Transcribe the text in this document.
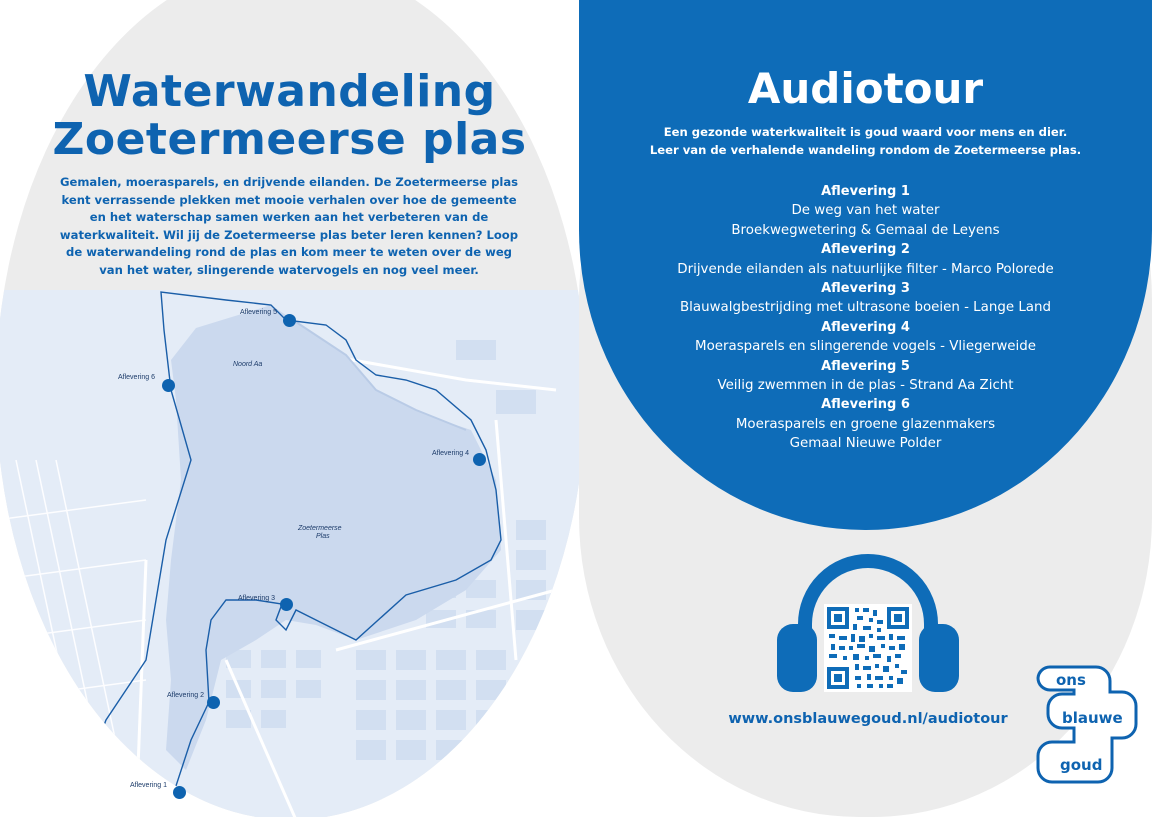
Noord Aa
Zoetermeerse
Plas
Aflevering 5
Aflevering 6
Aflevering 4
Aflevering 3
Aflevering 2
Aflevering 1
Waterwandeling
Zoetermeerse plas

Gemalen, moerasparels, en drijvende eilanden. De Zoetermeerse plas kent verrassende plekken met mooie verhalen over hoe de gemeente en het waterschap samen werken aan het verbeteren van de waterkwaliteit. Wil jij de Zoetermeerse plas beter leren kennen? Loop de waterwandeling rond de plas en kom meer te weten over de weg van het water, slingerende watervogels en nog veel meer.

Audiotour

Een gezonde waterkwaliteit is goud waard voor mens en dier.

Leer van de verhalende wandeling rondom de Zoetermeerse plas.

Aflevering 1

De weg van het water

Broekwegwetering & Gemaal de Leyens

Aflevering 2

Drijvende eilanden als natuurlijke filter - Marco Polorede

Aflevering 3

Blauwalgbestrijding met ultrasone boeien - Lange Land

Aflevering 4

Moerasparels en slingerende vogels - Vliegerweide

Aflevering 5

Veilig zwemmen in de plas - Strand Aa Zicht

Aflevering 6

Moerasparels en groene glazenmakers

Gemaal Nieuwe Polder

www.onsblauwegoud.nl/audiotour

ons
blauwe
goud
